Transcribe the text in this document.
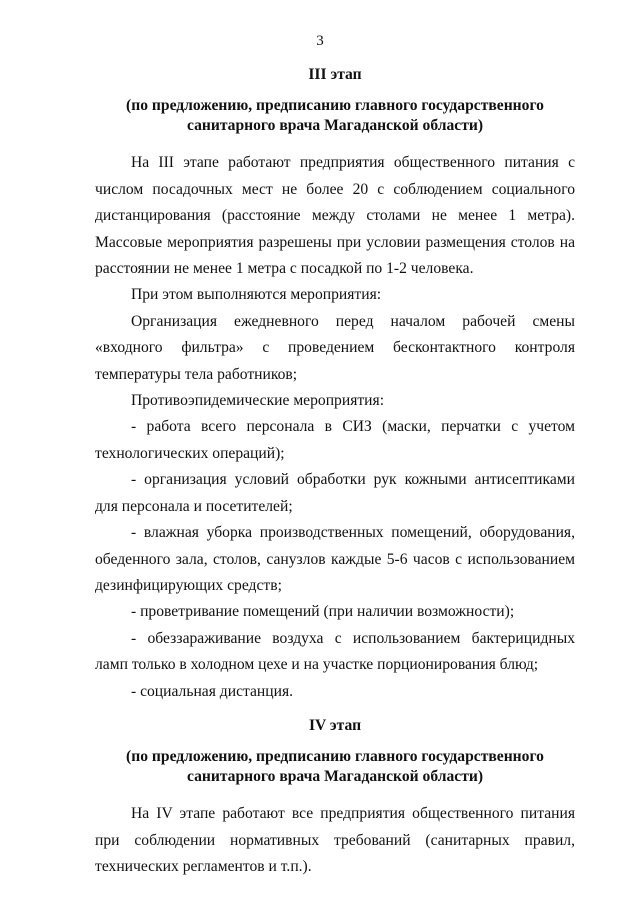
3

III этап

(по предложению, предписанию главного государственного

санитарного врача Магаданской области)

На III этапе работают предприятия общественного питания с числом посадочных мест не более 20 с соблюдением социального дистанцирования (расстояние между столами не менее 1 метра). Массовые мероприятия разрешены при условии размещения столов на расстоянии не менее 1 метра с посадкой по 1-2 человека.

При этом выполняются мероприятия:

Организация ежедневного перед началом рабочей смены «входного фильтра» с проведением бесконтактного контроля температуры тела работников;

Противоэпидемические мероприятия:

- работа всего персонала в СИЗ (маски, перчатки с учетом технологических операций);

- организация условий обработки рук кожными антисептиками для персонала и посетителей;

- влажная уборка производственных помещений, оборудования, обеденного зала, столов, санузлов каждые 5-6 часов с использованием дезинфицирующих средств;

- проветривание помещений (при наличии возможности);

- обеззараживание воздуха с использованием бактерицидных ламп только в холодном цехе и на участке порционирования блюд;

- социальная дистанция.

IV этап

(по предложению, предписанию главного государственного

санитарного врача Магаданской области)

На IV этапе работают все предприятия общественного питания при соблюдении нормативных требований (санитарных правил, технических регламентов и т.п.).
